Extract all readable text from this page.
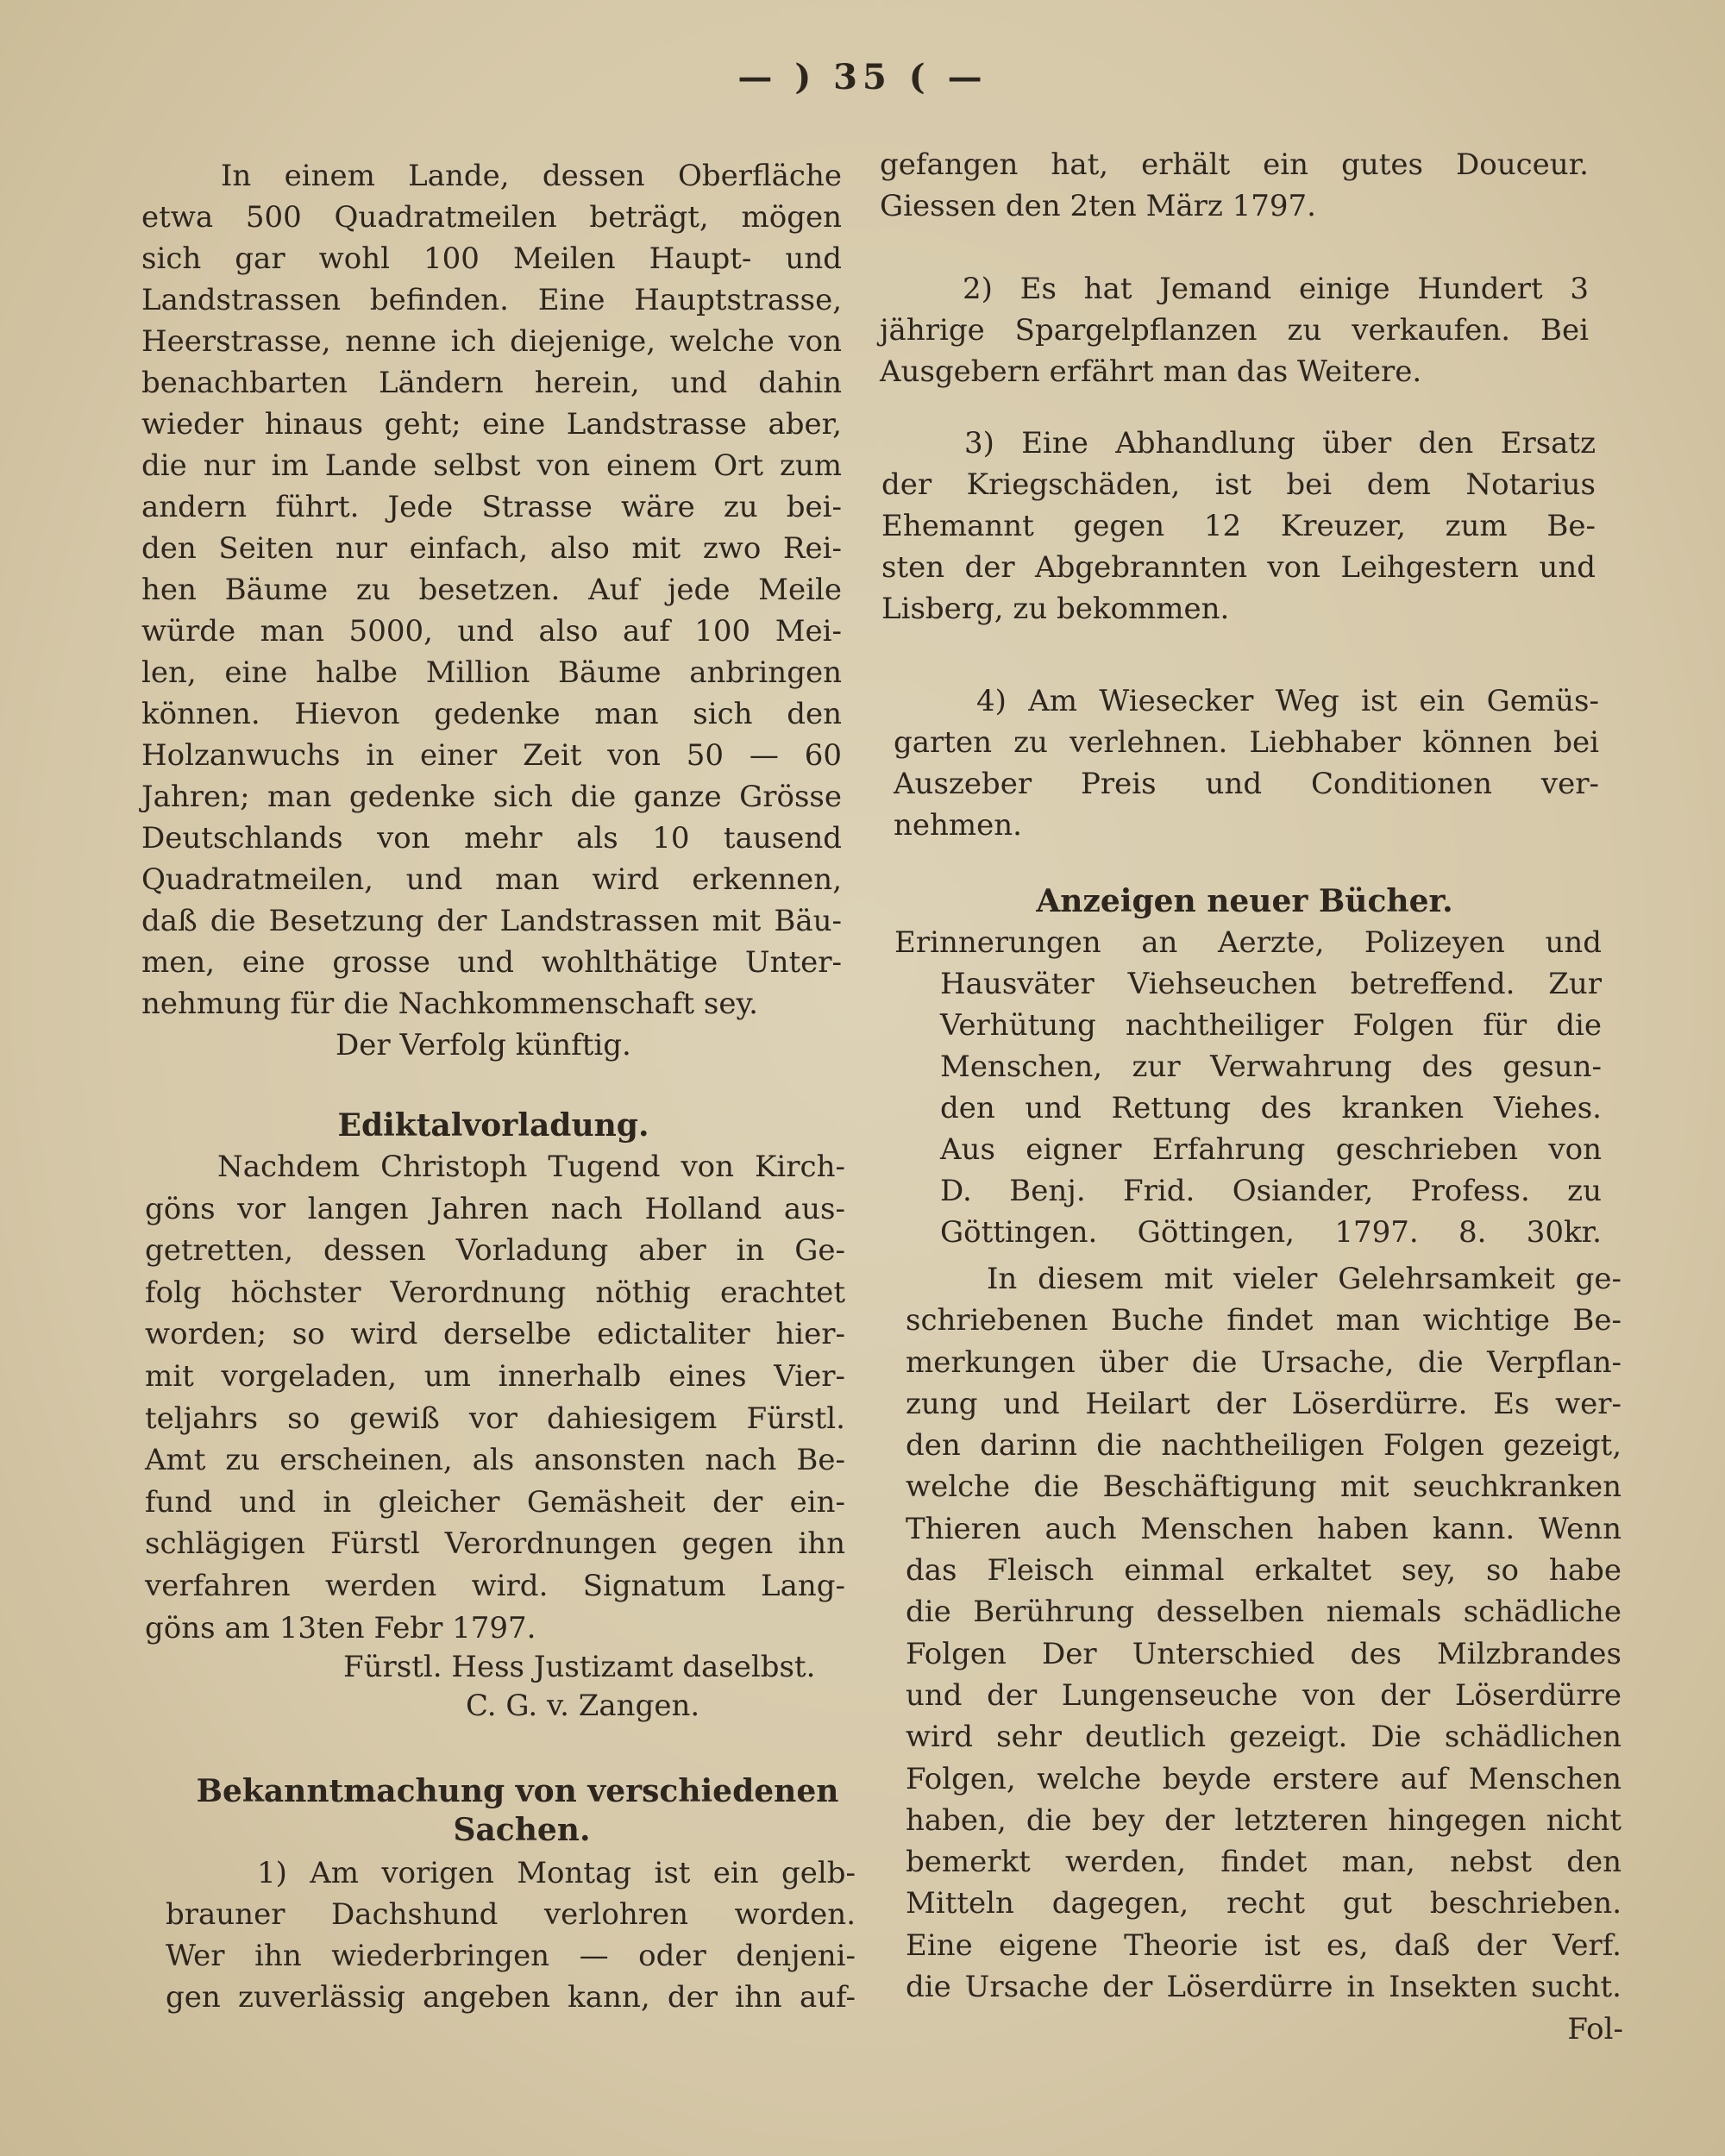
— ) 35 ( —
In einem Lande, dessen Oberfläche
etwa 500 Quadratmeilen beträgt, mögen
sich gar wohl 100 Meilen Haupt- und
Landstrassen befinden. Eine Hauptstrasse,
Heerstrasse, nenne ich diejenige, welche von
benachbarten Ländern herein, und dahin
wieder hinaus geht; eine Landstrasse aber,
die nur im Lande selbst von einem Ort zum
andern führt. Jede Strasse wäre zu bei-
den Seiten nur einfach, also mit zwo Rei-
hen Bäume zu besetzen. Auf jede Meile
würde man 5000, und also auf 100 Mei-
len, eine halbe Million Bäume anbringen
können. Hievon gedenke man sich den
Holzanwuchs in einer Zeit von 50 — 60
Jahren; man gedenke sich die ganze Grösse
Deutschlands von mehr als 10 tausend
Quadratmeilen, und man wird erkennen,
daß die Besetzung der Landstrassen mit Bäu-
men, eine grosse und wohlthätige Unter-
nehmung für die Nachkommenschaft sey.
Der Verfolg künftig.
Ediktalvorladung.
Nachdem Christoph Tugend von Kirch-
göns vor langen Jahren nach Holland aus-
getretten, dessen Vorladung aber in Ge-
folg höchster Verordnung nöthig erachtet
worden; so wird derselbe edictaliter hier-
mit vorgeladen, um innerhalb eines Vier-
teljahrs so gewiß vor dahiesigem Fürstl.
Amt zu erscheinen, als ansonsten nach Be-
fund und in gleicher Gemäsheit der ein-
schlägigen Fürstl Verordnungen gegen ihn
verfahren werden wird. Signatum Lang-
göns am 13ten Febr 1797.
Fürstl. Hess Justizamt daselbst.
C. G. v. Zangen.
Bekanntmachung von verschiedenen
Sachen.
1) Am vorigen Montag ist ein gelb-
brauner Dachshund verlohren worden.
Wer ihn wiederbringen — oder denjeni-
gen zuverlässig angeben kann, der ihn auf-
gefangen hat, erhält ein gutes Douceur.
Giessen den 2ten März 1797.
2) Es hat Jemand einige Hundert 3
jährige Spargelpflanzen zu verkaufen. Bei
Ausgebern erfährt man das Weitere.
3) Eine Abhandlung über den Ersatz
der Kriegschäden, ist bei dem Notarius
Ehemannt gegen 12 Kreuzer, zum Be-
sten der Abgebrannten von Leihgestern und
Lisberg, zu bekommen.
4) Am Wiesecker Weg ist ein Gemüs-
garten zu verlehnen. Liebhaber können bei
Auszeber Preis und Conditionen ver-
nehmen.
Anzeigen neuer Bücher.
Erinnerungen an Aerzte, Polizeyen und
Hausväter Viehseuchen betreffend. Zur
Verhütung nachtheiliger Folgen für die
Menschen, zur Verwahrung des gesun-
den und Rettung des kranken Viehes.
Aus eigner Erfahrung geschrieben von
D. Benj. Frid. Osiander, Profess. zu
Göttingen. Göttingen, 1797. 8. 30kr.
In diesem mit vieler Gelehrsamkeit ge-
schriebenen Buche findet man wichtige Be-
merkungen über die Ursache, die Verpflan-
zung und Heilart der Löserdürre. Es wer-
den darinn die nachtheiligen Folgen gezeigt,
welche die Beschäftigung mit seuchkranken
Thieren auch Menschen haben kann. Wenn
das Fleisch einmal erkaltet sey, so habe
die Berührung desselben niemals schädliche
Folgen Der Unterschied des Milzbrandes
und der Lungenseuche von der Löserdürre
wird sehr deutlich gezeigt. Die schädlichen
Folgen, welche beyde erstere auf Menschen
haben, die bey der letzteren hingegen nicht
bemerkt werden, findet man, nebst den
Mitteln dagegen, recht gut beschrieben.
Eine eigene Theorie ist es, daß der Verf.
die Ursache der Löserdürre in Insekten sucht.
Fol-
